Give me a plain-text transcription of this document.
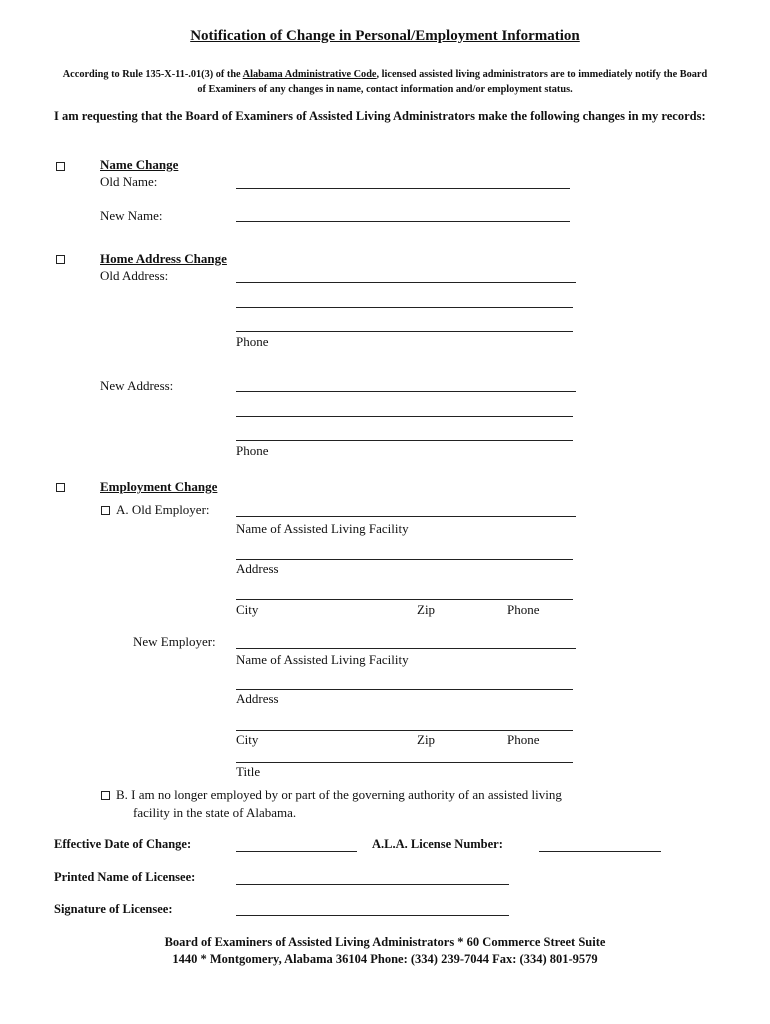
Notification of Change in Personal/Employment Information
According to Rule 135-X-11-.01(3) of the Alabama Administrative Code, licensed assisted living administrators are to immediately notify the Board of Examiners of any changes in name, contact information and/or employment status.
I am requesting that the Board of Examiners of Assisted Living Administrators make the following changes in my records:
Name Change
Old Name:
New Name:
Home Address Change
Old Address:
Phone
New Address:
Phone
Employment Change
A. Old Employer:
Name of Assisted Living Facility
Address
City	Zip	Phone
New Employer:
Name of Assisted Living Facility
Address
City	Zip	Phone
Title
B. I am no longer employed by or part of the governing authority of an assisted living
facility in the state of Alabama.
Effective Date of Change:	A.L.A. License Number:
Printed Name of Licensee:
Signature of Licensee:
Board of Examiners of Assisted Living Administrators * 60 Commerce Street Suite
1440 * Montgomery, Alabama 36104 Phone: (334) 239-7044 Fax: (334) 801-9579
